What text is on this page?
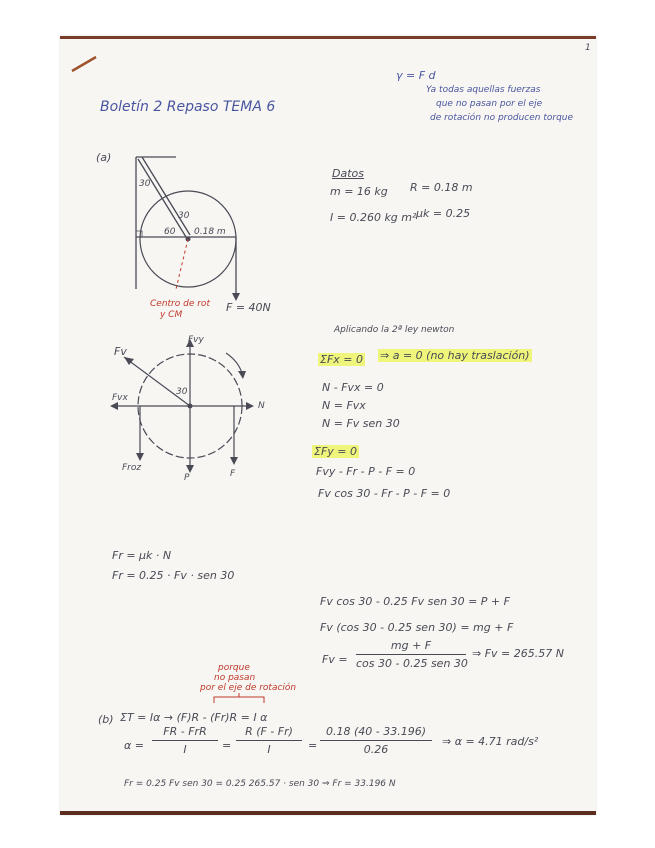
1
Boletín 2 Repaso TEMA 6
γ = F d
Ya todas aquellas fuerzas
que no pasan por el eje
de rotación no producen torque
(a)
30
30
60 0.18 m
Centro de rot
y CM
F = 40N
Datos
m = 16 kg R = 0.18 m
I = 0.260 kg m² μk = 0.25
Fv
Fvy
Fvx
30
N
Froz
P	F
Aplicando la 2ª ley newton
ΣFx = 0 ⇒ a = 0 (no hay traslación)
N - Fvx = 0
N = Fvx
N = Fv sen 30
ΣFy = 0
Fvy - Fr - P - F = 0
Fv cos 30 - Fr - P - F = 0
Fr = μk · N
Fr = 0.25 · Fv · sen 30
Fv cos 30 - 0.25 Fv sen 30 = P + F
Fv (cos 30 - 0.25 sen 30) = mg + F
Fv =
mg + F
cos 30 - 0.25 sen 30
⇒ Fv = 265.57 N
porque
no pasan
por el eje de rotación
(b) ΣT = Iα → (F)R - (Fr)R = I α
α =
FR - FrR
I	=
R (F - Fr)
I	=
0.18 (40 - 33.196)
0.26
⇒ α = 4.71 rad/s²
Fr = 0.25 Fv sen 30 = 0.25 265.57 · sen 30 ⇒ Fr = 33.196 N
